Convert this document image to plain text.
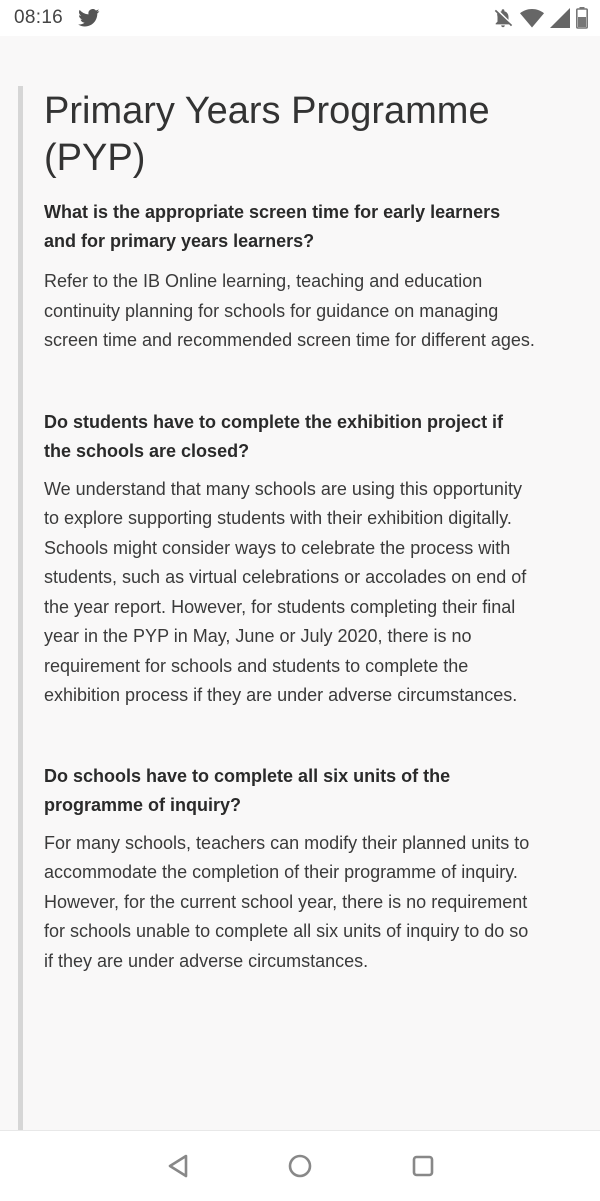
08:16
Primary Years Programme (PYP)

What is the appropriate screen time for early learners and for primary years learners?

Refer to the IB Online learning, teaching and education continuity planning for schools for guidance on managing screen time and recommended screen time for different ages.

Do students have to complete the exhibition project if the schools are closed?

We understand that many schools are using this opportunity to explore supporting students with their exhibition digitally. Schools might consider ways to celebrate the process with students, such as virtual celebrations or accolades on end of the year report. However, for students completing their final year in the PYP in May, June or July 2020, there is no requirement for schools and students to complete the exhibition process if they are under adverse circumstances.

Do schools have to complete all six units of the programme of inquiry?

For many schools, teachers can modify their planned units to accommodate the completion of their programme of inquiry. However, for the current school year, there is no requirement for schools unable to complete all six units of inquiry to do so if they are under adverse circumstances.
